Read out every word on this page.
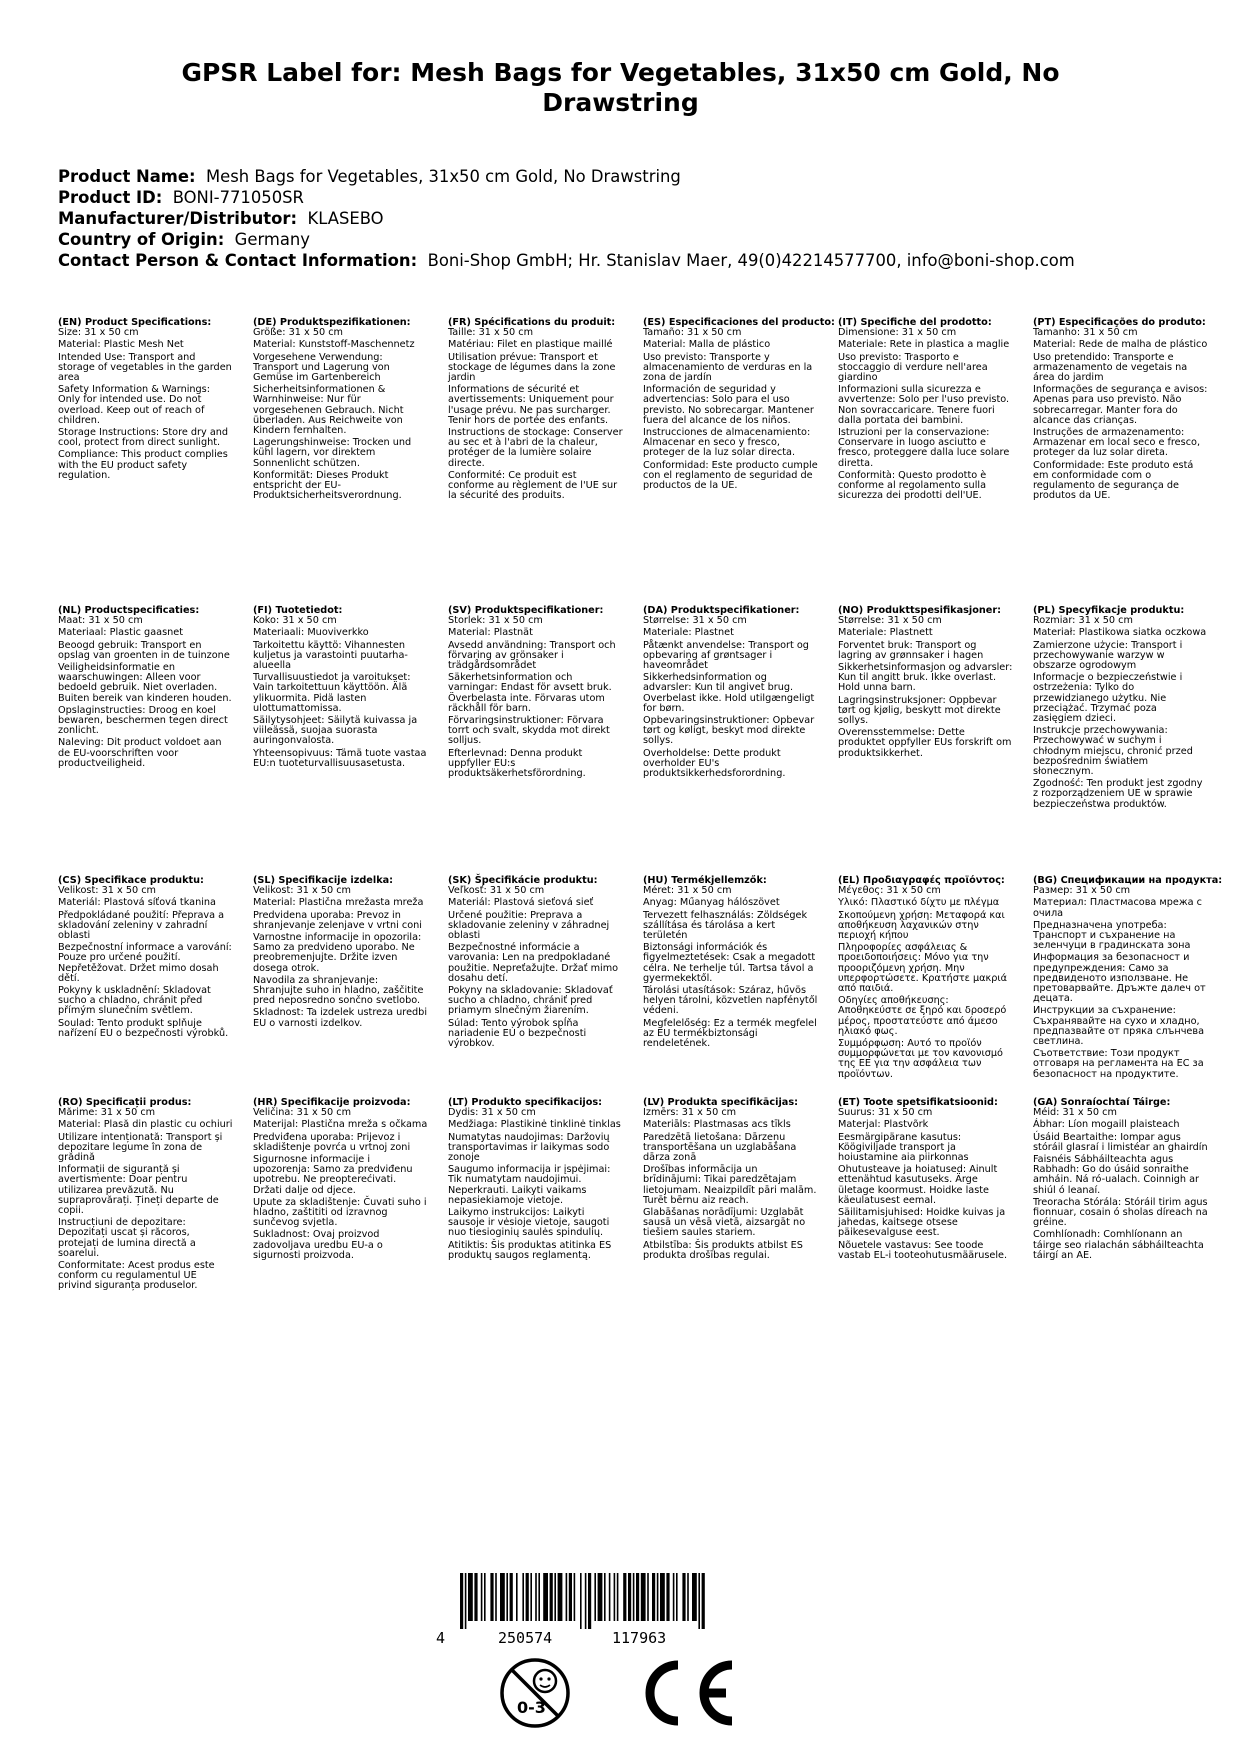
GPSR Label for: Mesh Bags for Vegetables, 31x50 cm Gold, No Drawstring
Product Name: Mesh Bags for Vegetables, 31x50 cm Gold, No Drawstring
Product ID: BONI-771050SR
Manufacturer/Distributor: KLASEBO
Country of Origin: Germany
Contact Person & Contact Information: Boni-Shop GmbH; Hr. Stanislav Maer, 49(0)42214577700, info@boni-shop.com
(EN) Product Specifications:
Size: 31 x 50 cm
Material: Plastic Mesh Net
Intended Use: Transport and storage of vegetables in the garden area
Safety Information & Warnings: Only for intended use. Do not overload. Keep out of reach of children.
Storage Instructions: Store dry and cool, protect from direct sunlight.
Compliance: This product complies with the EU product safety regulation.
(DE) Produktspezifikationen:
Größe: 31 x 50 cm
Material: Kunststoff-Maschennetz
Vorgesehene Verwendung: Transport und Lagerung von Gemüse im Gartenbereich
Sicherheitsinformationen & Warnhinweise: Nur für vorgesehenen Gebrauch. Nicht überladen. Aus Reichweite von Kindern fernhalten.
Lagerungshinweise: Trocken und kühl lagern, vor direktem Sonnenlicht schützen.
Konformität: Dieses Produkt entspricht der EU-Produktsicherheitsverordnung.
(FR) Spécifications du produit:
Taille: 31 x 50 cm
Matériau: Filet en plastique maillé
Utilisation prévue: Transport et stockage de légumes dans la zone jardin
Informations de sécurité et avertissements: Uniquement pour l'usage prévu. Ne pas surcharger. Tenir hors de portée des enfants.
Instructions de stockage: Conserver au sec et à l'abri de la chaleur, protéger de la lumière solaire directe.
Conformité: Ce produit est conforme au règlement de l'UE sur la sécurité des produits.
(ES) Especificaciones del producto:
Tamaño: 31 x 50 cm
Material: Malla de plástico
Uso previsto: Transporte y almacenamiento de verduras en la zona de jardín
Información de seguridad y advertencias: Solo para el uso previsto. No sobrecargar. Mantener fuera del alcance de los niños.
Instrucciones de almacenamiento: Almacenar en seco y fresco, proteger de la luz solar directa.
Conformidad: Este producto cumple con el reglamento de seguridad de productos de la UE.
(IT) Specifiche del prodotto:
Dimensione: 31 x 50 cm
Materiale: Rete in plastica a maglie
Uso previsto: Trasporto e stoccaggio di verdure nell'area giardino
Informazioni sulla sicurezza e avvertenze: Solo per l'uso previsto. Non sovraccaricare. Tenere fuori dalla portata dei bambini.
Istruzioni per la conservazione: Conservare in luogo asciutto e fresco, proteggere dalla luce solare diretta.
Conformità: Questo prodotto è conforme al regolamento sulla sicurezza dei prodotti dell'UE.
(PT) Especificações do produto:
Tamanho: 31 x 50 cm
Material: Rede de malha de plástico
Uso pretendido: Transporte e armazenamento de vegetais na área do jardim
Informações de segurança e avisos: Apenas para uso previsto. Não sobrecarregar. Manter fora do alcance das crianças.
Instruções de armazenamento: Armazenar em local seco e fresco, proteger da luz solar direta.
Conformidade: Este produto está em conformidade com o regulamento de segurança de produtos da UE.
(NL) Productspecificaties:
Maat: 31 x 50 cm
Materiaal: Plastic gaasnet
Beoogd gebruik: Transport en opslag van groenten in de tuinzone
Veiligheidsinformatie en waarschuwingen: Alleen voor bedoeld gebruik. Niet overladen. Buiten bereik van kinderen houden.
Opslaginstructies: Droog en koel bewaren, beschermen tegen direct zonlicht.
Naleving: Dit product voldoet aan de EU-voorschriften voor productveiligheid.
(FI) Tuotetiedot:
Koko: 31 x 50 cm
Materiaali: Muoviverkko
Tarkoitettu käyttö: Vihannesten kuljetus ja varastointi puutarha-alueella
Turvallisuustiedot ja varoitukset: Vain tarkoitettuun käyttöön. Älä ylikuormita. Pidä lasten ulottumattomissa.
Säilytysohjeet: Säilytä kuivassa ja viileässä, suojaa suorasta auringonvalosta.
Yhteensopivuus: Tämä tuote vastaa EU:n tuoteturvallisuusasetusta.
(SV) Produktspecifikationer:
Storlek: 31 x 50 cm
Material: Plastnät
Avsedd användning: Transport och förvaring av grönsaker i trädgårdsområdet
Säkerhetsinformation och varningar: Endast för avsett bruk. Överbelasta inte. Förvaras utom räckhåll för barn.
Förvaringsinstruktioner: Förvara torrt och svalt, skydda mot direkt solljus.
Efterlevnad: Denna produkt uppfyller EU:s produktsäkerhetsförordning.
(DA) Produktspecifikationer:
Størrelse: 31 x 50 cm
Materiale: Plastnet
Påtænkt anvendelse: Transport og opbevaring af grøntsager i haveområdet
Sikkerhedsinformation og advarsler: Kun til angivet brug. Overbelast ikke. Hold utilgængeligt for børn.
Opbevaringsinstruktioner: Opbevar tørt og køligt, beskyt mod direkte sollys.
Overholdelse: Dette produkt overholder EU's produktsikkerhedsforordning.
(NO) Produkttspesifikasjoner:
Størrelse: 31 x 50 cm
Materiale: Plastnett
Forventet bruk: Transport og lagring av grønnsaker i hagen
Sikkerhetsinformasjon og advarsler: Kun til angitt bruk. Ikke overlast. Hold unna barn.
Lagringsinstruksjoner: Oppbevar tørt og kjølig, beskytt mot direkte sollys.
Overensstemmelse: Dette produktet oppfyller EUs forskrift om produktsikkerhet.
(PL) Specyfikacje produktu:
Rozmiar: 31 x 50 cm
Materiał: Plastikowa siatka oczkowa
Zamierzone użycie: Transport i przechowywanie warzyw w obszarze ogrodowym
Informacje o bezpieczeństwie i ostrzeżenia: Tylko do przewidzianego użytku. Nie przeciążać. Trzymać poza zasięgiem dzieci.
Instrukcje przechowywania: Przechowywać w suchym i chłodnym miejscu, chronić przed bezpośrednim światłem słonecznym.
Zgodność: Ten produkt jest zgodny z rozporządzeniem UE w sprawie bezpieczeństwa produktów.
(CS) Specifikace produktu:
Velikost: 31 x 50 cm
Materiál: Plastová síťová tkanina
Předpokládané použití: Přeprava a skladování zeleniny v zahradní oblasti
Bezpečnostní informace a varování: Pouze pro určené použití. Nepřetěžovat. Držet mimo dosah dětí.
Pokyny k uskladnění: Skladovat sucho a chladno, chránit před přímým slunečním světlem.
Soulad: Tento produkt splňuje nařízení EU o bezpečnosti výrobků.
(SL) Specifikacije izdelka:
Velikost: 31 x 50 cm
Material: Plastična mrežasta mreža
Predvidena uporaba: Prevoz in shranjevanje zelenjave v vrtni coni
Varnostne informacije in opozorila: Samo za predvideno uporabo. Ne preobremenjujte. Držite izven dosega otrok.
Navodila za shranjevanje: Shranjujte suho in hladno, zaščitite pred neposredno sončno svetlobo.
Skladnost: Ta izdelek ustreza uredbi EU o varnosti izdelkov.
(SK) Špecifikácie produktu:
Veľkosť: 31 x 50 cm
Materiál: Plastová sieťová sieť
Určené použitie: Preprava a skladovanie zeleniny v záhradnej oblasti
Bezpečnostné informácie a varovania: Len na predpokladané použitie. Nepreťažujte. Držať mimo dosahu detí.
Pokyny na skladovanie: Skladovať sucho a chladno, chrániť pred priamym slnečným žiarením.
Súlad: Tento výrobok spĺňa nariadenie EÚ o bezpečnosti výrobkov.
(HU) Termékjellemzők:
Méret: 31 x 50 cm
Anyag: Műanyag hálószövet
Tervezett felhasználás: Zöldségek szállítása és tárolása a kert területén
Biztonsági információk és figyelmeztetések: Csak a megadott célra. Ne terhelje túl. Tartsa távol a gyermekektől.
Tárolási utasítások: Száraz, hűvös helyen tárolni, közvetlen napfénytől védeni.
Megfelelőség: Ez a termék megfelel az EU termékbiztonsági rendeletének.
(EL) Προδιαγραφές προϊόντος:
Μέγεθος: 31 x 50 cm
Υλικό: Πλαστικό δίχτυ με πλέγμα
Σκοπούμενη χρήση: Μεταφορά και αποθήκευση λαχανικών στην περιοχή κήπου
Πληροφορίες ασφάλειας & προειδοποιήσεις: Μόνο για την προοριζόμενη χρήση. Μην υπερφορτώσετε. Κρατήστε μακριά από παιδιά.
Οδηγίες αποθήκευσης: Αποθηκεύστε σε ξηρό και δροσερό μέρος, προστατεύστε από άμεσο ηλιακό φως.
Συμμόρφωση: Αυτό το προϊόν συμμορφώνεται με τον κανονισμό της ΕΕ για την ασφάλεια των προϊόντων.
(BG) Спецификации на продукта:
Размер: 31 x 50 cm
Материал: Пластмасова мрежа с очила
Предназначена употреба: Транспорт и съхранение на зеленчуци в градинската зона
Информация за безопасност и предупреждения: Само за предвиденото използване. Не претоварвайте. Дръжте далеч от децата.
Инструкции за съхранение: Съхранявайте на сухо и хладно, предпазвайте от пряка слънчева светлина.
Съответствие: Този продукт отговаря на регламента на ЕС за безопасност на продуктите.
(RO) Specificații produs:
Mărime: 31 x 50 cm
Material: Plasă din plastic cu ochiuri
Utilizare intenționată: Transport și depozitare legume în zona de grădină
Informații de siguranță și avertismente: Doar pentru utilizarea prevăzută. Nu supraprovărați. Țineți departe de copii.
Instrucțiuni de depozitare: Depozitați uscat și răcoros, protejați de lumina directă a soarelui.
Conformitate: Acest produs este conform cu regulamentul UE privind siguranța produselor.
(HR) Specifikacije proizvoda:
Veličina: 31 x 50 cm
Materijal: Plastična mreža s očkama
Predviđena uporaba: Prijevoz i skladištenje povrća u vrtnoj zoni
Sigurnosne informacije i upozorenja: Samo za predviđenu upotrebu. Ne preopterećivati. Držati dalje od djece.
Upute za skladištenje: Čuvati suho i hladno, zaštititi od izravnog sunčevog svjetla.
Sukladnost: Ovaj proizvod zadovoljava uredbu EU-a o sigurnosti proizvoda.
(LT) Produkto specifikacijos:
Dydis: 31 x 50 cm
Medžiaga: Plastikinė tinklinė tinklas
Numatytas naudojimas: Daržovių transportavimas ir laikymas sodo zonoje
Saugumo informacija ir įspėjimai: Tik numatytam naudojimui. Neperkrauti. Laikyti vaikams nepasiekiamoje vietoje.
Laikymo instrukcijos: Laikyti sausoje ir vėsioje vietoje, saugoti nuo tiesioginių saulės spindulių.
Atitiktis: Šis produktas atitinka ES produktų saugos reglamentą.
(LV) Produkta specifikācijas:
Izmērs: 31 x 50 cm
Materiāls: Plastmasas acs tīkls
Paredzētā lietošana: Dārzeņu transportēšana un uzglabāšana dārza zonā
Drošības informācija un brīdinājumi: Tikai paredzētajam lietojumam. Neaizpildīt pāri malām. Turēt bērnu aiz reach.
Glabāšanas norādījumi: Uzglabāt sausā un vēsā vietā, aizsargāt no tiešiem saules stariem.
Atbilstība: Šis produkts atbilst ES produkta drošības regulai.
(ET) Toote spetsifikatsioonid:
Suurus: 31 x 50 cm
Materjal: Plastvõrk
Eesmärgipärane kasutus: Köögiviljade transport ja hoiustamine aia piirkonnas
Ohutusteave ja hoiatused: Ainult ettenähtud kasutuseks. Ärge ületage koormust. Hoidke laste käeulatusest eemal.
Säilitamisjuhised: Hoidke kuivas ja jahedas, kaitsege otsese päikesevalguse eest.
Nõuetele vastavus: See toode vastab EL-i tooteohutusmäärusele.
(GA) Sonraíochtaí Táirge:
Méid: 31 x 50 cm
Ábhar: Líon mogaill plaisteach
Úsáid Beartaithe: Iompar agus stóráil glasraí i limistéar an ghairdín
Faisnéis Sábháilteachta agus Rabhadh: Go do úsáid sonraithe amháin. Ná ró-ualach. Coinnigh ar shiúl ó leanaí.
Treoracha Stórála: Stóráil tirim agus fionnuar, cosain ó sholas díreach na gréine.
Comhlíonadh: Comhlíonann an táirge seo rialachán sábháilteachta táirgí an AE.
4	250574	117963
0-3
